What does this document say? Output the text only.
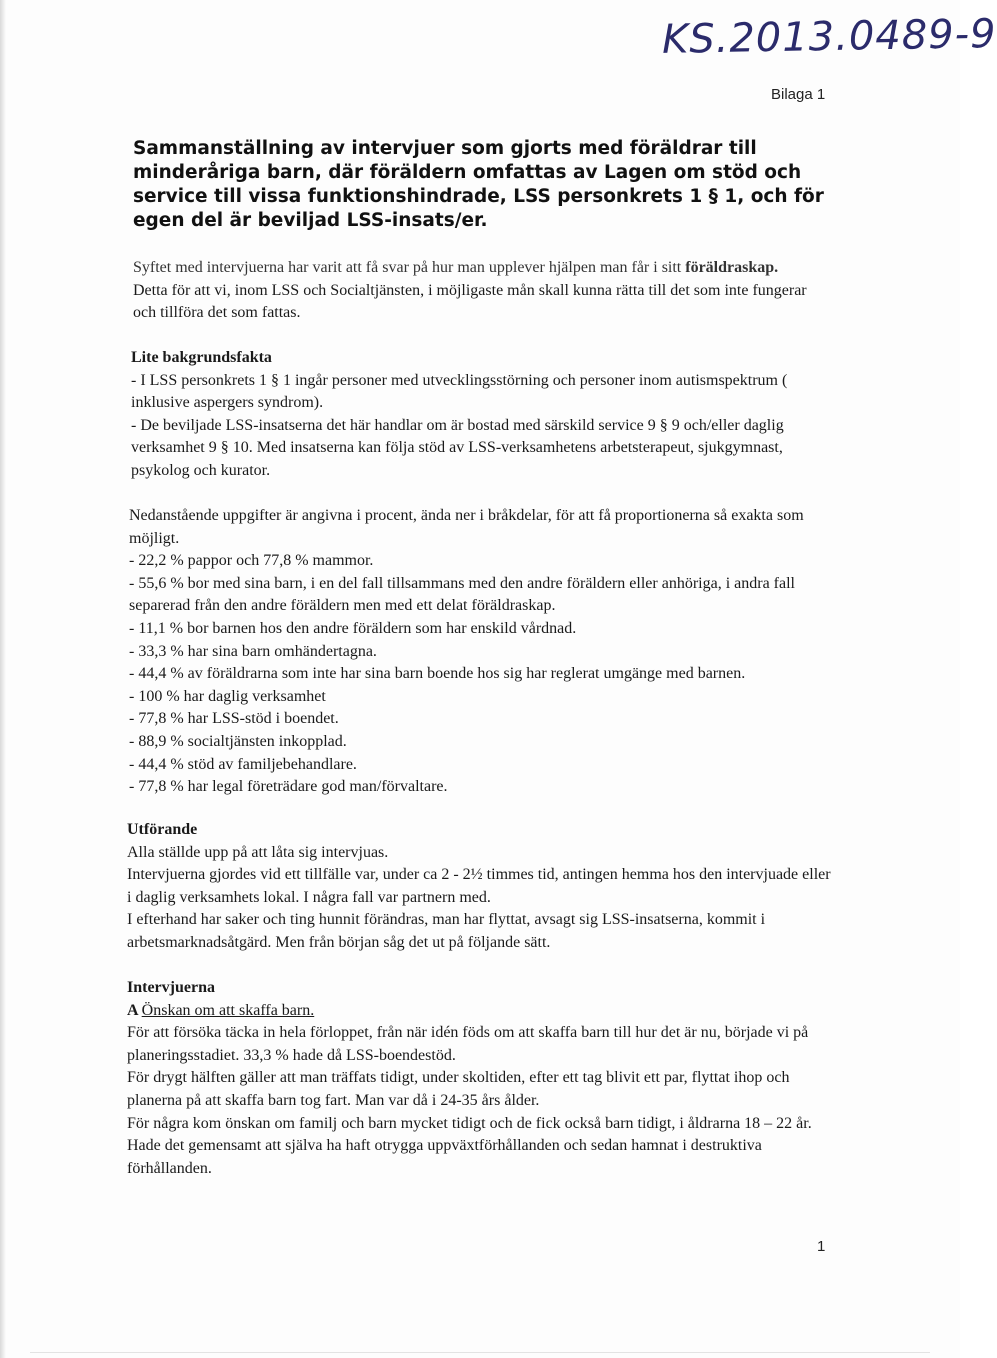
KS.2013.0489-9
Bilaga 1
Sammanställning av intervjuer som gjorts med föräldrar till minderåriga barn, där föräldern omfattas av Lagen om stöd och service till vissa funktionshindrade, LSS personkrets 1 § 1, och för egen del är beviljad LSS-insats/er.
Syftet med intervjuerna har varit att få svar på hur man upplever hjälpen man får i sitt föräldraskap.
Detta för att vi, inom LSS och Socialtjänsten, i möjligaste mån skall kunna rätta till det som inte fungerar och tillföra det som fattas.
Lite bakgrundsfakta
- I LSS personkrets 1 § 1 ingår personer med utvecklingsstörning och personer inom autismspektrum ( inklusive aspergers syndrom).
- De beviljade LSS-insatserna det här handlar om är bostad med särskild service 9 § 9 och/eller daglig verksamhet 9 § 10. Med insatserna kan följa stöd av LSS-verksamhetens arbetsterapeut, sjukgymnast, psykolog och kurator.
Nedanstående uppgifter är angivna i procent, ända ner i bråkdelar, för att få proportionerna så exakta som möjligt.
- 22,2 % pappor och 77,8 % mammor.
- 55,6 % bor med sina barn, i en del fall tillsammans med den andre föräldern eller anhöriga, i andra fall separerad från den andre föräldern men med ett delat föräldraskap.
- 11,1 % bor barnen hos den andre föräldern som har enskild vårdnad.
- 33,3 % har sina barn omhändertagna.
- 44,4 % av föräldrarna som inte har sina barn boende hos sig har reglerat umgänge med barnen.
- 100 % har daglig verksamhet
- 77,8 % har LSS-stöd i boendet.
- 88,9 % socialtjänsten inkopplad.
- 44,4 % stöd av familjebehandlare.
- 77,8 % har legal företrädare god man/förvaltare.
Utförande
Alla ställde upp på att låta sig intervjuas.
Intervjuerna gjordes vid ett tillfälle var, under ca 2 - 2½ timmes tid, antingen hemma hos den intervjuade eller i daglig verksamhets lokal. I några fall var partnern med.
I efterhand har saker och ting hunnit förändras, man har flyttat, avsagt sig LSS-insatserna, kommit i arbetsmarknadsåtgärd. Men från början såg det ut på följande sätt.
Intervjuerna
A Önskan om att skaffa barn.
För att försöka täcka in hela förloppet, från när idén föds om att skaffa barn till hur det är nu, började vi på planeringsstadiet. 33,3 % hade då LSS-boendestöd.
För drygt hälften gäller att man träffats tidigt, under skoltiden, efter ett tag blivit ett par, flyttat ihop och planerna på att skaffa barn tog fart. Man var då i 24-35 års ålder.
För några kom önskan om familj och barn mycket tidigt och de fick också barn tidigt, i åldrarna 18 – 22 år. Hade det gemensamt att själva ha haft otrygga uppväxtförhållanden och sedan hamnat i destruktiva förhållanden.
1
